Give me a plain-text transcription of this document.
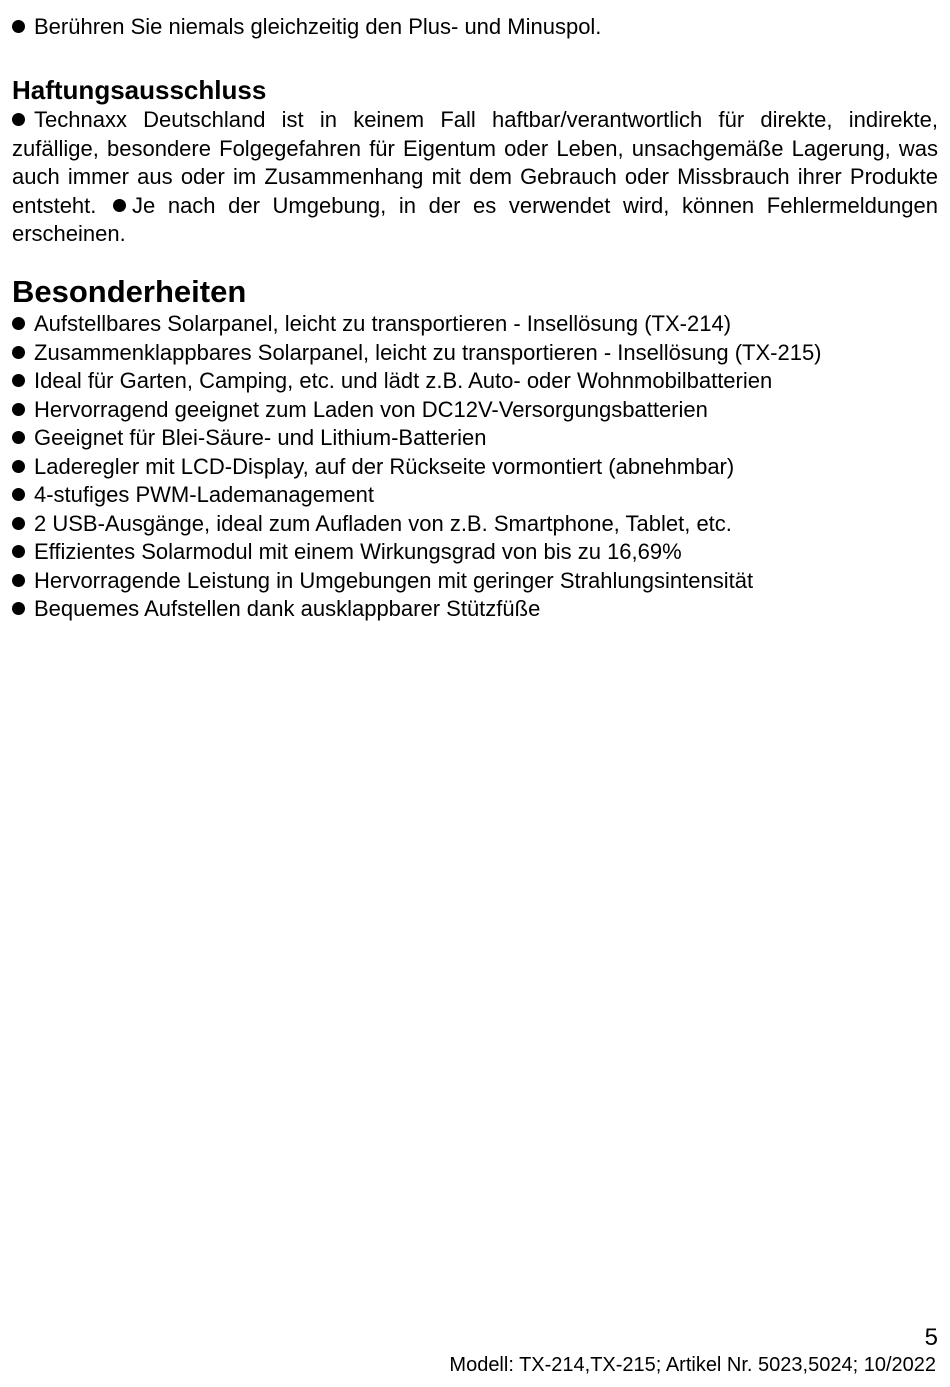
Berühren Sie niemals gleichzeitig den Plus- und Minuspol.
Haftungsausschluss
Technaxx Deutschland ist in keinem Fall haftbar/verantwortlich für direkte, indirekte, zufällige, besondere Folgegefahren für Eigentum oder Leben, unsachgemäße Lagerung, was auch immer aus oder im Zusammenhang mit dem Gebrauch oder Missbrauch ihrer Produkte entsteht. Je nach der Umgebung, in der es verwendet wird, können Fehlermeldungen erscheinen.
Besonderheiten
Aufstellbares Solarpanel, leicht zu transportieren - Insellösung (TX-214)
Zusammenklappbares Solarpanel, leicht zu transportieren - Insellösung (TX-215)
Ideal für Garten, Camping, etc. und lädt z.B. Auto- oder Wohnmobilbatterien
Hervorragend geeignet zum Laden von DC12V-Versorgungsbatterien
Geeignet für Blei-Säure- und Lithium-Batterien
Laderegler mit LCD-Display, auf der Rückseite vormontiert (abnehmbar)
4-stufiges PWM-Lademanagement
2 USB-Ausgänge, ideal zum Aufladen von z.B. Smartphone, Tablet, etc.
Effizientes Solarmodul mit einem Wirkungsgrad von bis zu 16,69%
Hervorragende Leistung in Umgebungen mit geringer Strahlungsintensität
Bequemes Aufstellen dank ausklappbarer Stützfüße
5
Modell: TX-214,TX-215; Artikel Nr. 5023,5024; 10/2022
